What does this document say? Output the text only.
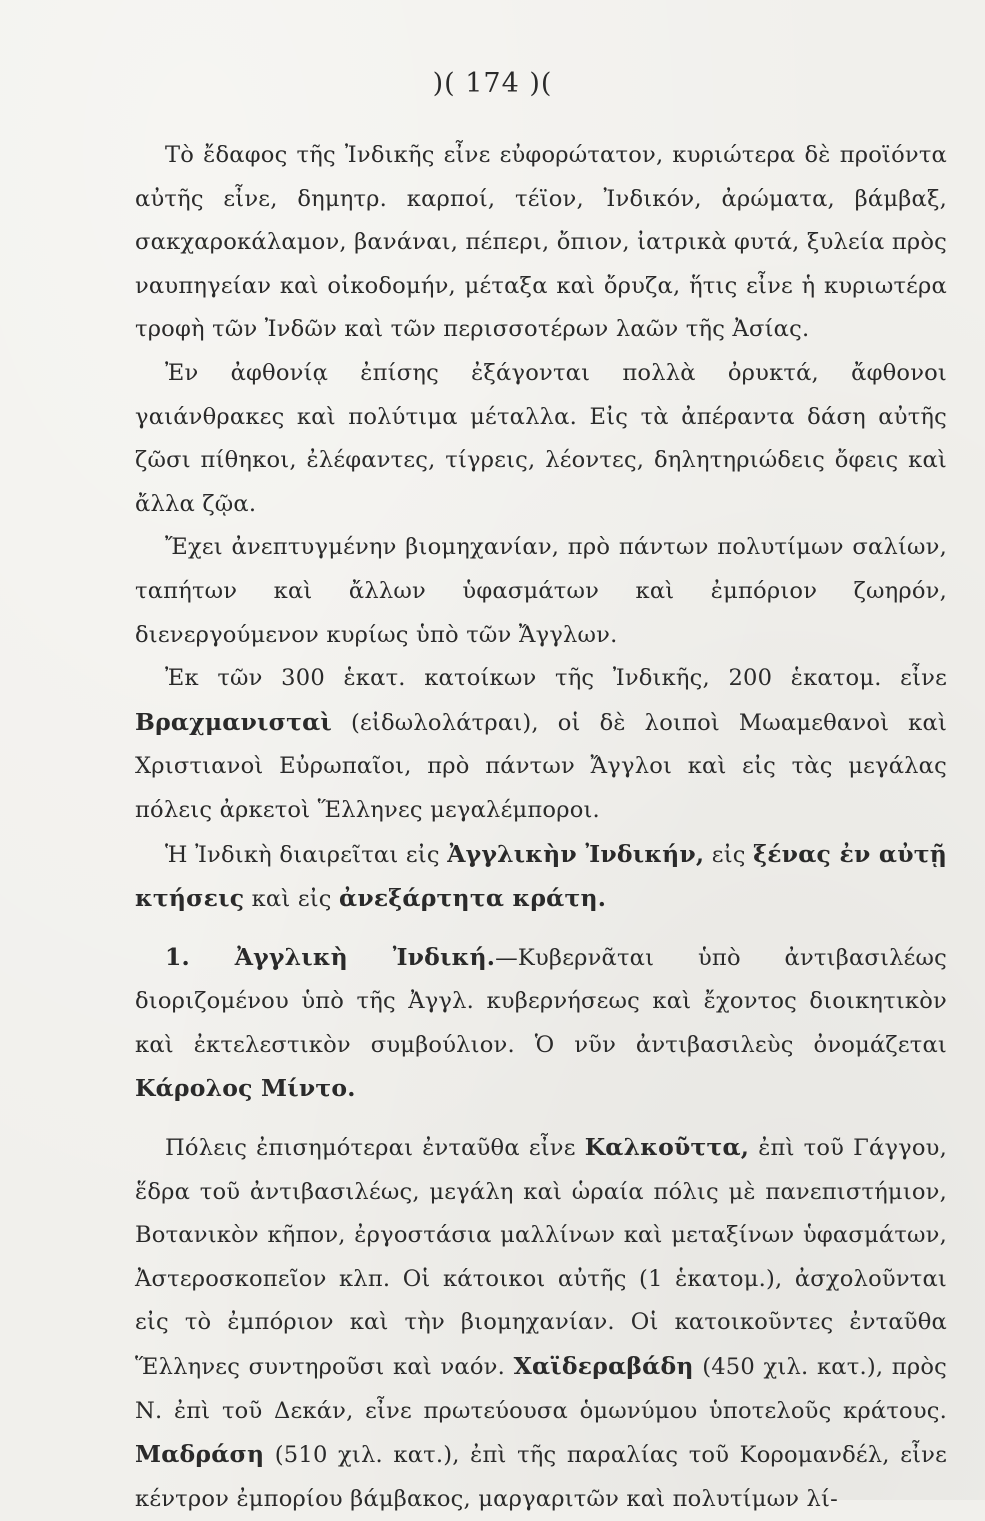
)( 174 )(

Τὸ ἔδαφος τῆς Ἰνδικῆς εἶνε εὐφορώτατον, κυριώτερα δὲ προϊόντα αὐτῆς εἶνε, δημητρ. καρποί, τέϊον, Ἰνδικόν, ἀρώματα, βάμβαξ, σακχαροκάλαμον, βανάναι, πέπερι, ὄπιον, ἰατρικὰ φυτά, ξυλεία πρὸς ναυπηγείαν καὶ οἰκοδομήν, μέταξα καὶ ὄρυζα, ἥτις εἶνε ἡ κυριωτέρα τροφὴ τῶν Ἰνδῶν καὶ τῶν περισσοτέρων λαῶν τῆς Ἀσίας.

Ἐν ἀφθονίᾳ ἐπίσης ἐξάγονται πολλὰ ὀρυκτά, ἄφθονοι γαιάνθρακες καὶ πολύτιμα μέταλλα. Εἰς τὰ ἀπέραντα δάση αὐτῆς ζῶσι πίθηκοι, ἐλέφαντες, τίγρεις, λέοντες, δηλητηριώδεις ὄφεις καὶ ἄλλα ζῷα.

Ἔχει ἀνεπτυγμένην βιομηχανίαν, πρὸ πάντων πολυτίμων σαλίων, ταπήτων καὶ ἄλλων ὑφασμάτων καὶ ἐμπόριον ζωηρόν, διενεργούμενον κυρίως ὑπὸ τῶν Ἄγγλων.

Ἐκ τῶν 300 ἑκατ. κατοίκων τῆς Ἰνδικῆς, 200 ἑκατομ. εἶνε Βραχμανισταὶ (εἰδωλολάτραι), οἱ δὲ λοιποὶ Μωαμεθανοὶ καὶ Χριστιανοὶ Εὐρωπαῖοι, πρὸ πάντων Ἄγγλοι καὶ εἰς τὰς μεγάλας πόλεις ἀρκετοὶ Ἕλληνες μεγαλέμποροι.

Ἡ Ἰνδικὴ διαιρεῖται εἰς Ἀγγλικὴν Ἰνδικήν, εἰς ξένας ἐν αὐτῇ κτήσεις καὶ εἰς ἀνεξάρτητα κράτη.

1. Ἀγγλικὴ Ἰνδική.—Κυβερνᾶται ὑπὸ ἀντιβασιλέως διοριζομένου ὑπὸ τῆς Ἀγγλ. κυβερνήσεως καὶ ἔχοντος διοικητικὸν καὶ ἐκτελεστικὸν συμβούλιον. Ὁ νῦν ἀντιβασιλεὺς ὀνομάζεται Κάρολος Μίντο.

Πόλεις ἐπισημότεραι ἐνταῦθα εἶνε Καλκοῦττα, ἐπὶ τοῦ Γάγγου, ἕδρα τοῦ ἀντιβασιλέως, μεγάλη καὶ ὡραία πόλις μὲ πανεπιστήμιον, Βοτανικὸν κῆπον, ἐργοστάσια μαλλίνων καὶ μεταξίνων ὑφασμάτων, Ἀστεροσκοπεῖον κλπ. Οἱ κάτοικοι αὐτῆς (1 ἑκατομ.), ἀσχολοῦνται εἰς τὸ ἐμπόριον καὶ τὴν βιομηχανίαν. Οἱ κατοικοῦντες ἐνταῦθα Ἕλληνες συντηροῦσι καὶ ναόν. Χαϊδεραβάδη (450 χιλ. κατ.), πρὸς Ν. ἐπὶ τοῦ Δεκάν, εἶνε πρωτεύουσα ὁμωνύμου ὑποτελοῦς κράτους. Μαδράση (510 χιλ. κατ.), ἐπὶ τῆς παραλίας τοῦ Κορομανδέλ, εἶνε κέντρον ἐμπορίου βάμβακος, μαργαριτῶν καὶ πολυτίμων λί-
